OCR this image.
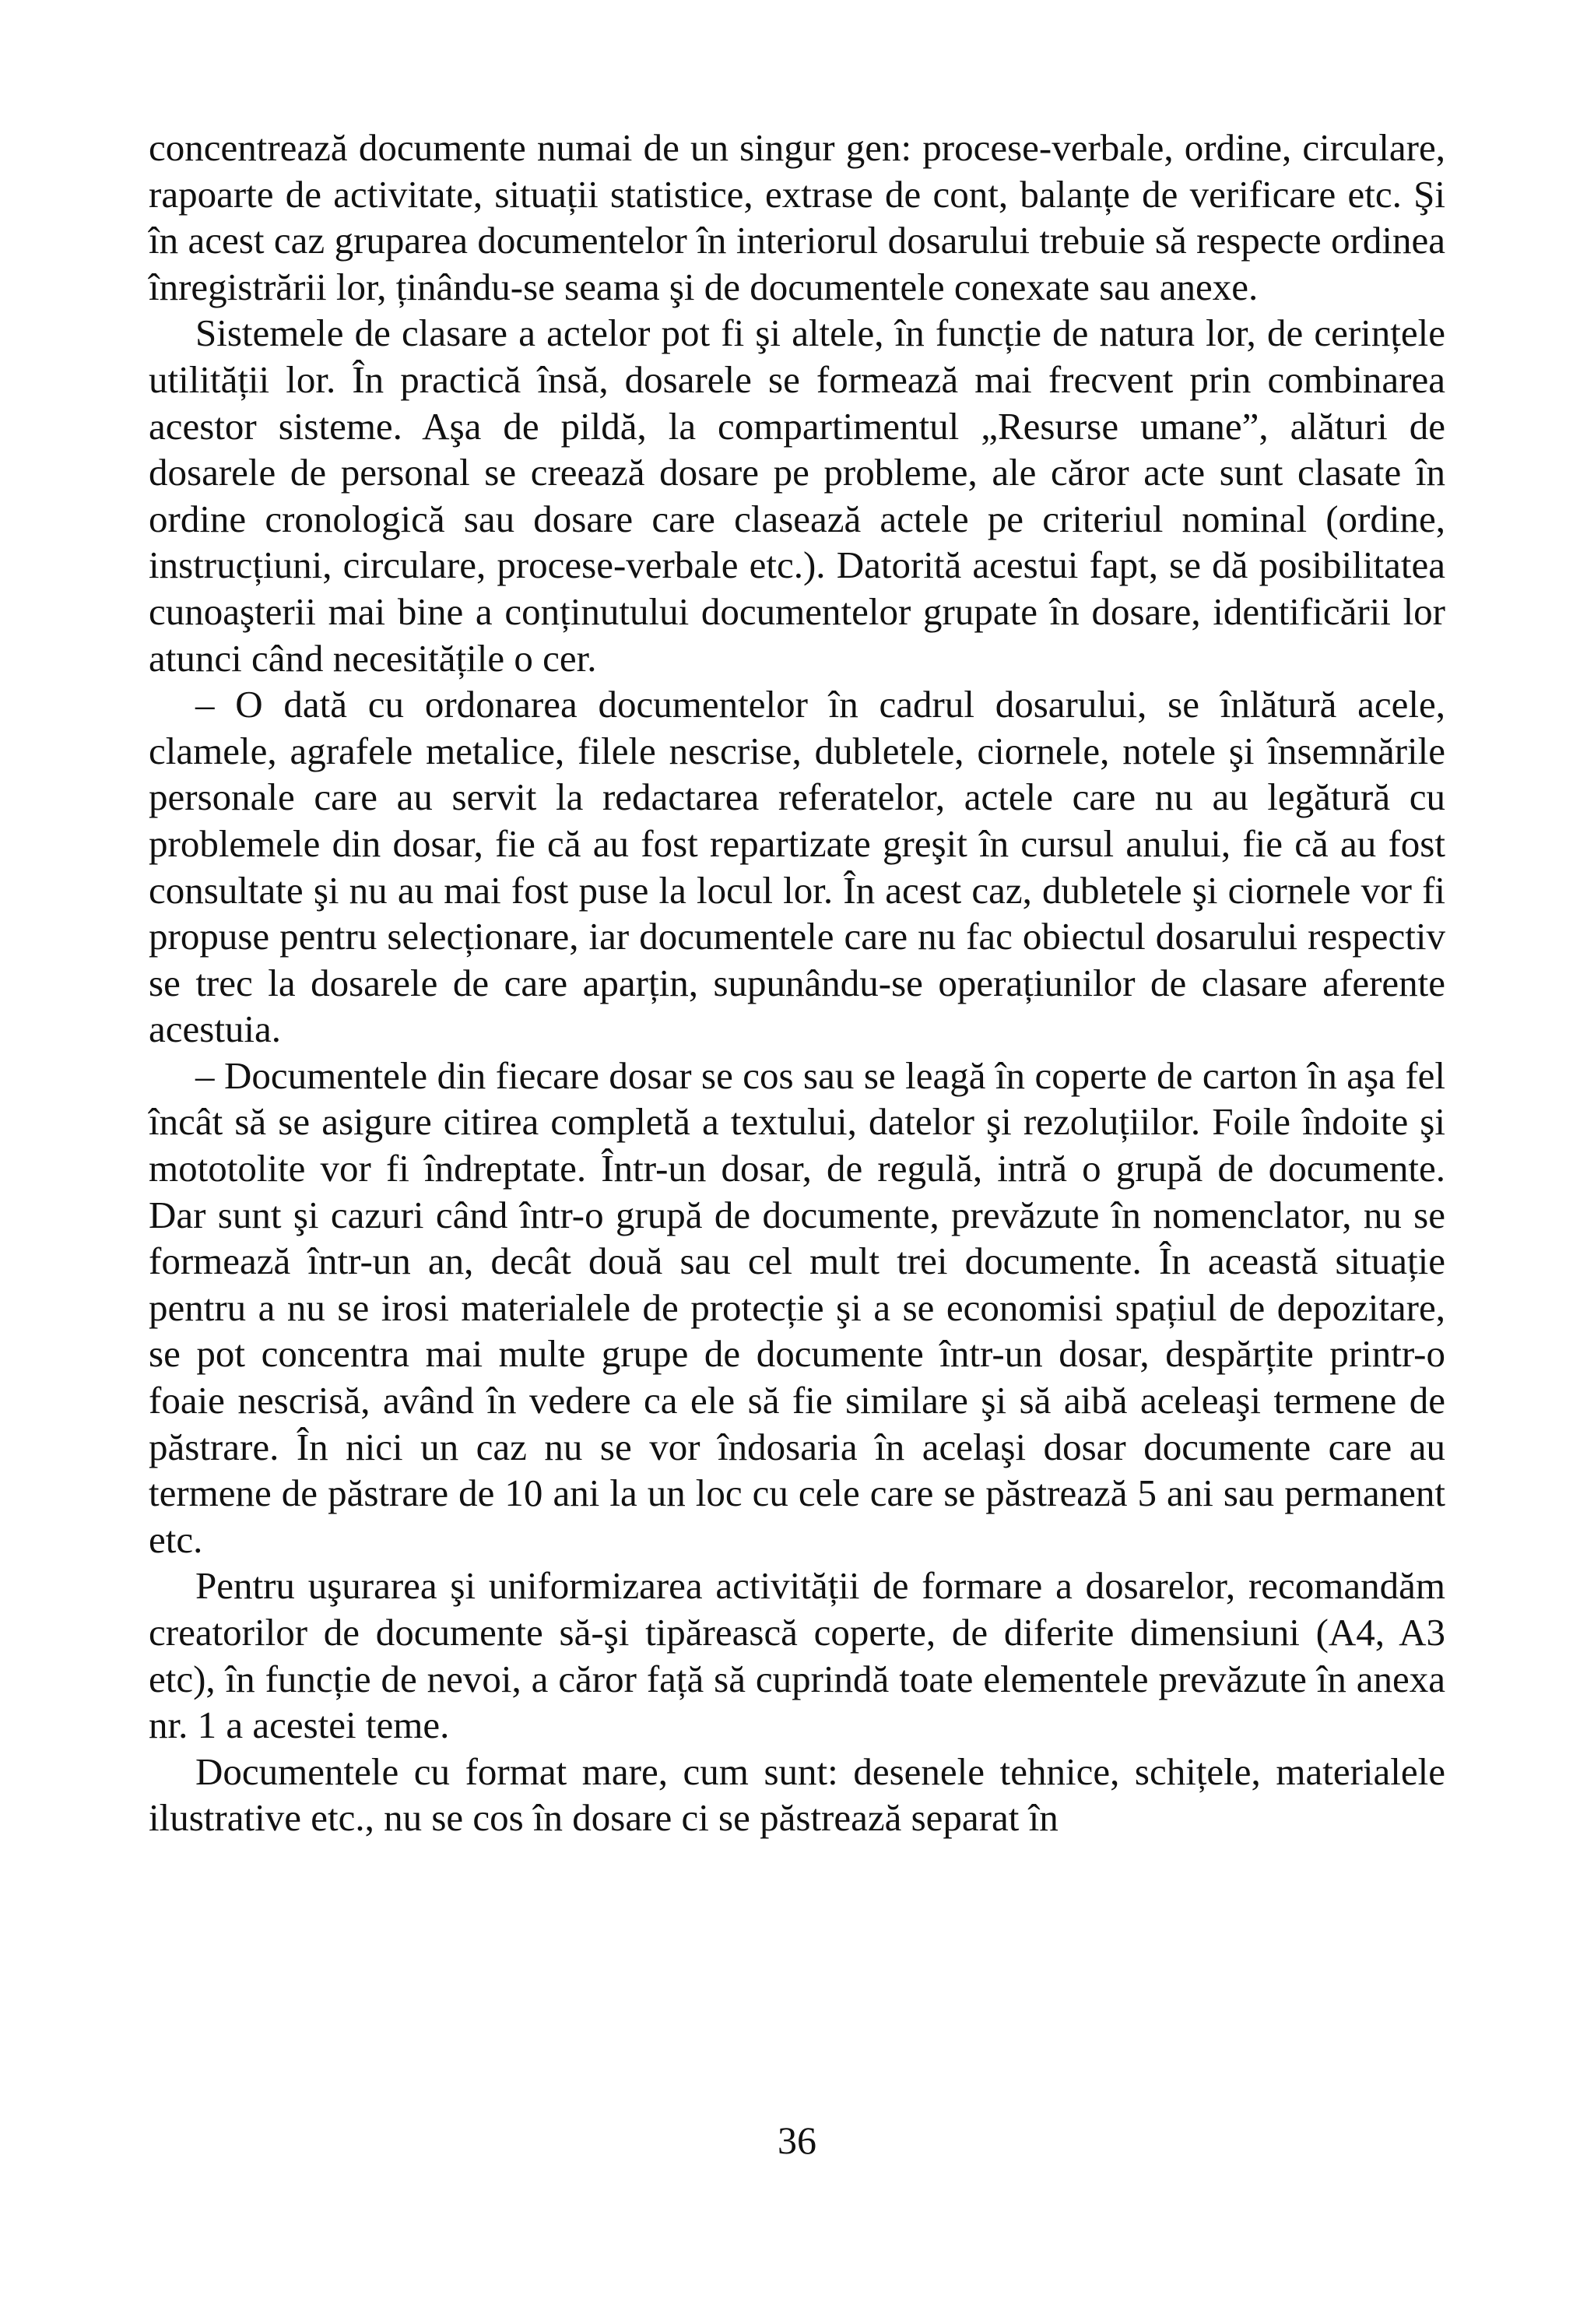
concentrează documente numai de un singur gen: procese-verbale, ordine, circulare, rapoarte de activitate, situații statistice, extrase de cont, balanțe de verificare etc. Şi în acest caz gruparea documentelor în interiorul dosarului trebuie să respecte ordinea înregistrării lor, ținându-se seama şi de documentele conexate sau anexe.

Sistemele de clasare a actelor pot fi şi altele, în funcție de natura lor, de cerințele utilității lor. În practică însă, dosarele se formează mai frecvent prin combinarea acestor sisteme. Aşa de pildă, la compartimentul „Resurse umane”, alături de dosarele de personal se creează dosare pe probleme, ale căror acte sunt clasate în ordine cronologică sau dosare care clasează actele pe criteriul nominal (ordine, instrucțiuni, circulare, procese-verbale etc.). Datorită acestui fapt, se dă posibilitatea cunoaşterii mai bine a conținutului documentelor grupate în dosare, identificării lor atunci când necesitățile o cer.

– O dată cu ordonarea documentelor în cadrul dosarului, se înlătură acele, clamele, agrafele metalice, filele nescrise, dubletele, ciornele, notele şi însemnările personale care au servit la redactarea referatelor, actele care nu au legătură cu problemele din dosar, fie că au fost repartizate greşit în cursul anului, fie că au fost consultate şi nu au mai fost puse la locul lor. În acest caz, dubletele şi ciornele vor fi propuse pentru selecționare, iar documentele care nu fac obiectul dosarului respectiv se trec la dosarele de care aparțin, supunându-se operațiunilor de clasare aferente acestuia.

– Documentele din fiecare dosar se cos sau se leagă în coperte de carton în aşa fel încât să se asigure citirea completă a textului, datelor şi rezoluțiilor. Foile îndoite şi mototolite vor fi îndreptate. Într-un dosar, de regulă, intră o grupă de documente. Dar sunt şi cazuri când într-o grupă de documente, prevăzute în nomenclator, nu se formează într-un an, decât două sau cel mult trei documente. În această situație pentru a nu se irosi materialele de protecție şi a se economisi spațiul de depozitare, se pot concentra mai multe grupe de documente într-un dosar, despărțite printr-o foaie nescrisă, având în vedere ca ele să fie similare şi să aibă aceleaşi termene de păstrare. În nici un caz nu se vor îndosaria în acelaşi dosar documente care au termene de păstrare de 10 ani la un loc cu cele care se păstrează 5 ani sau permanent etc.

Pentru uşurarea şi uniformizarea activității de formare a dosarelor, recomandăm creatorilor de documente să-şi tipărească coperte, de diferite dimensiuni (A4, A3 etc), în funcție de nevoi, a căror față să cuprindă toate elementele prevăzute în anexa nr. 1 a acestei teme.

Documentele cu format mare, cum sunt: desenele tehnice, schițele, materialele ilustrative etc., nu se cos în dosare ci se păstrează separat în

36
